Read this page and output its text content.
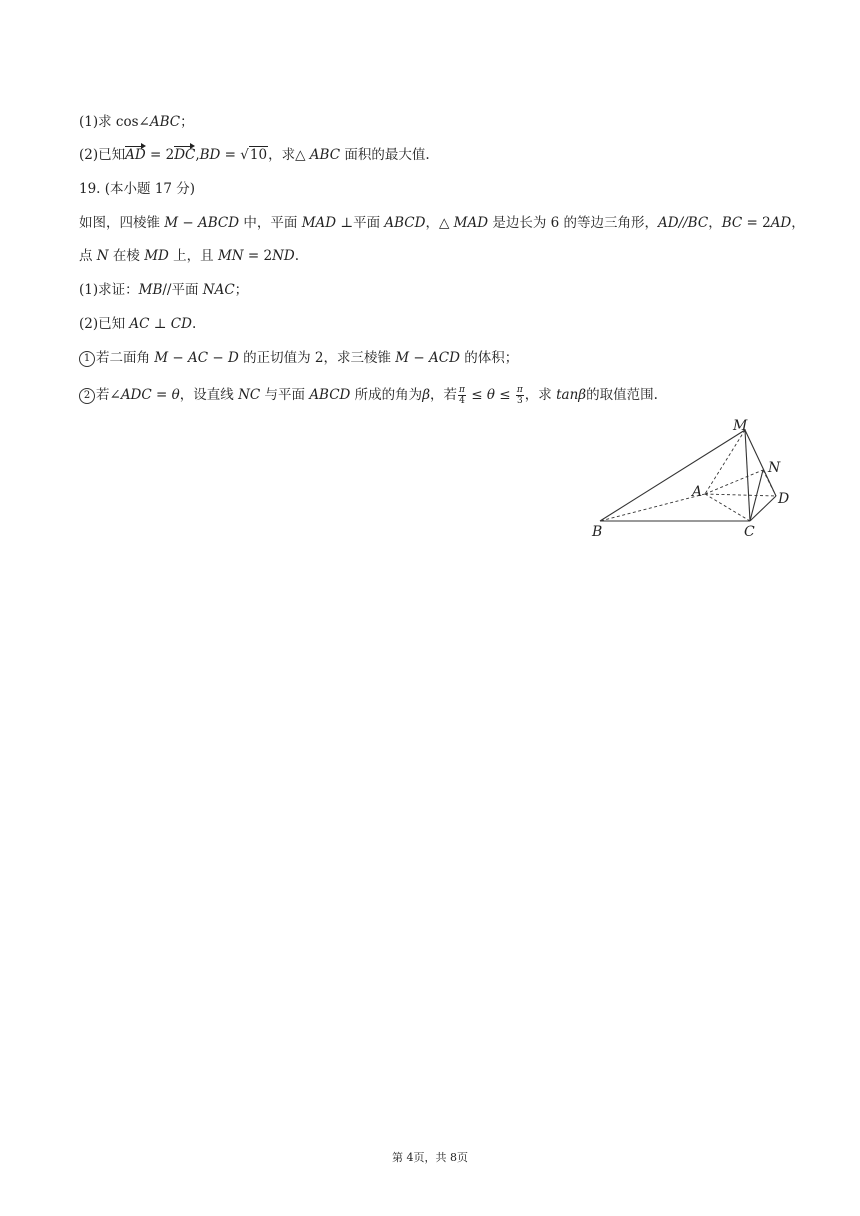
(1)求 cos∠ABC；

(2)已知AD = 2DC,BD = √10，求△ ABC 面积的最大值.

19. (本小题 17 分)

如图，四棱锥 M − ABCD 中，平面 MAD ⊥平面 ABCD，△ MAD 是边长为 6 的等边三角形，AD//BC，BC = 2AD，

点 N 在棱 MD 上，且 MN = 2ND.

(1)求证：MB//平面 NAC；

(2)已知 AC ⊥ CD.

1 若二面角 M − AC − D 的正切值为 2，求三棱锥 M − ACD 的体积；

2 若∠ADC = θ，设直线 NC 与平面 ABCD 所成的角为β，若 $\frac{\pi}{4} \le \theta \le \frac{\pi}{3}$ ，求 tanβ的取值范围.

M
N
A	D
B	C
第 4页，共 8页
